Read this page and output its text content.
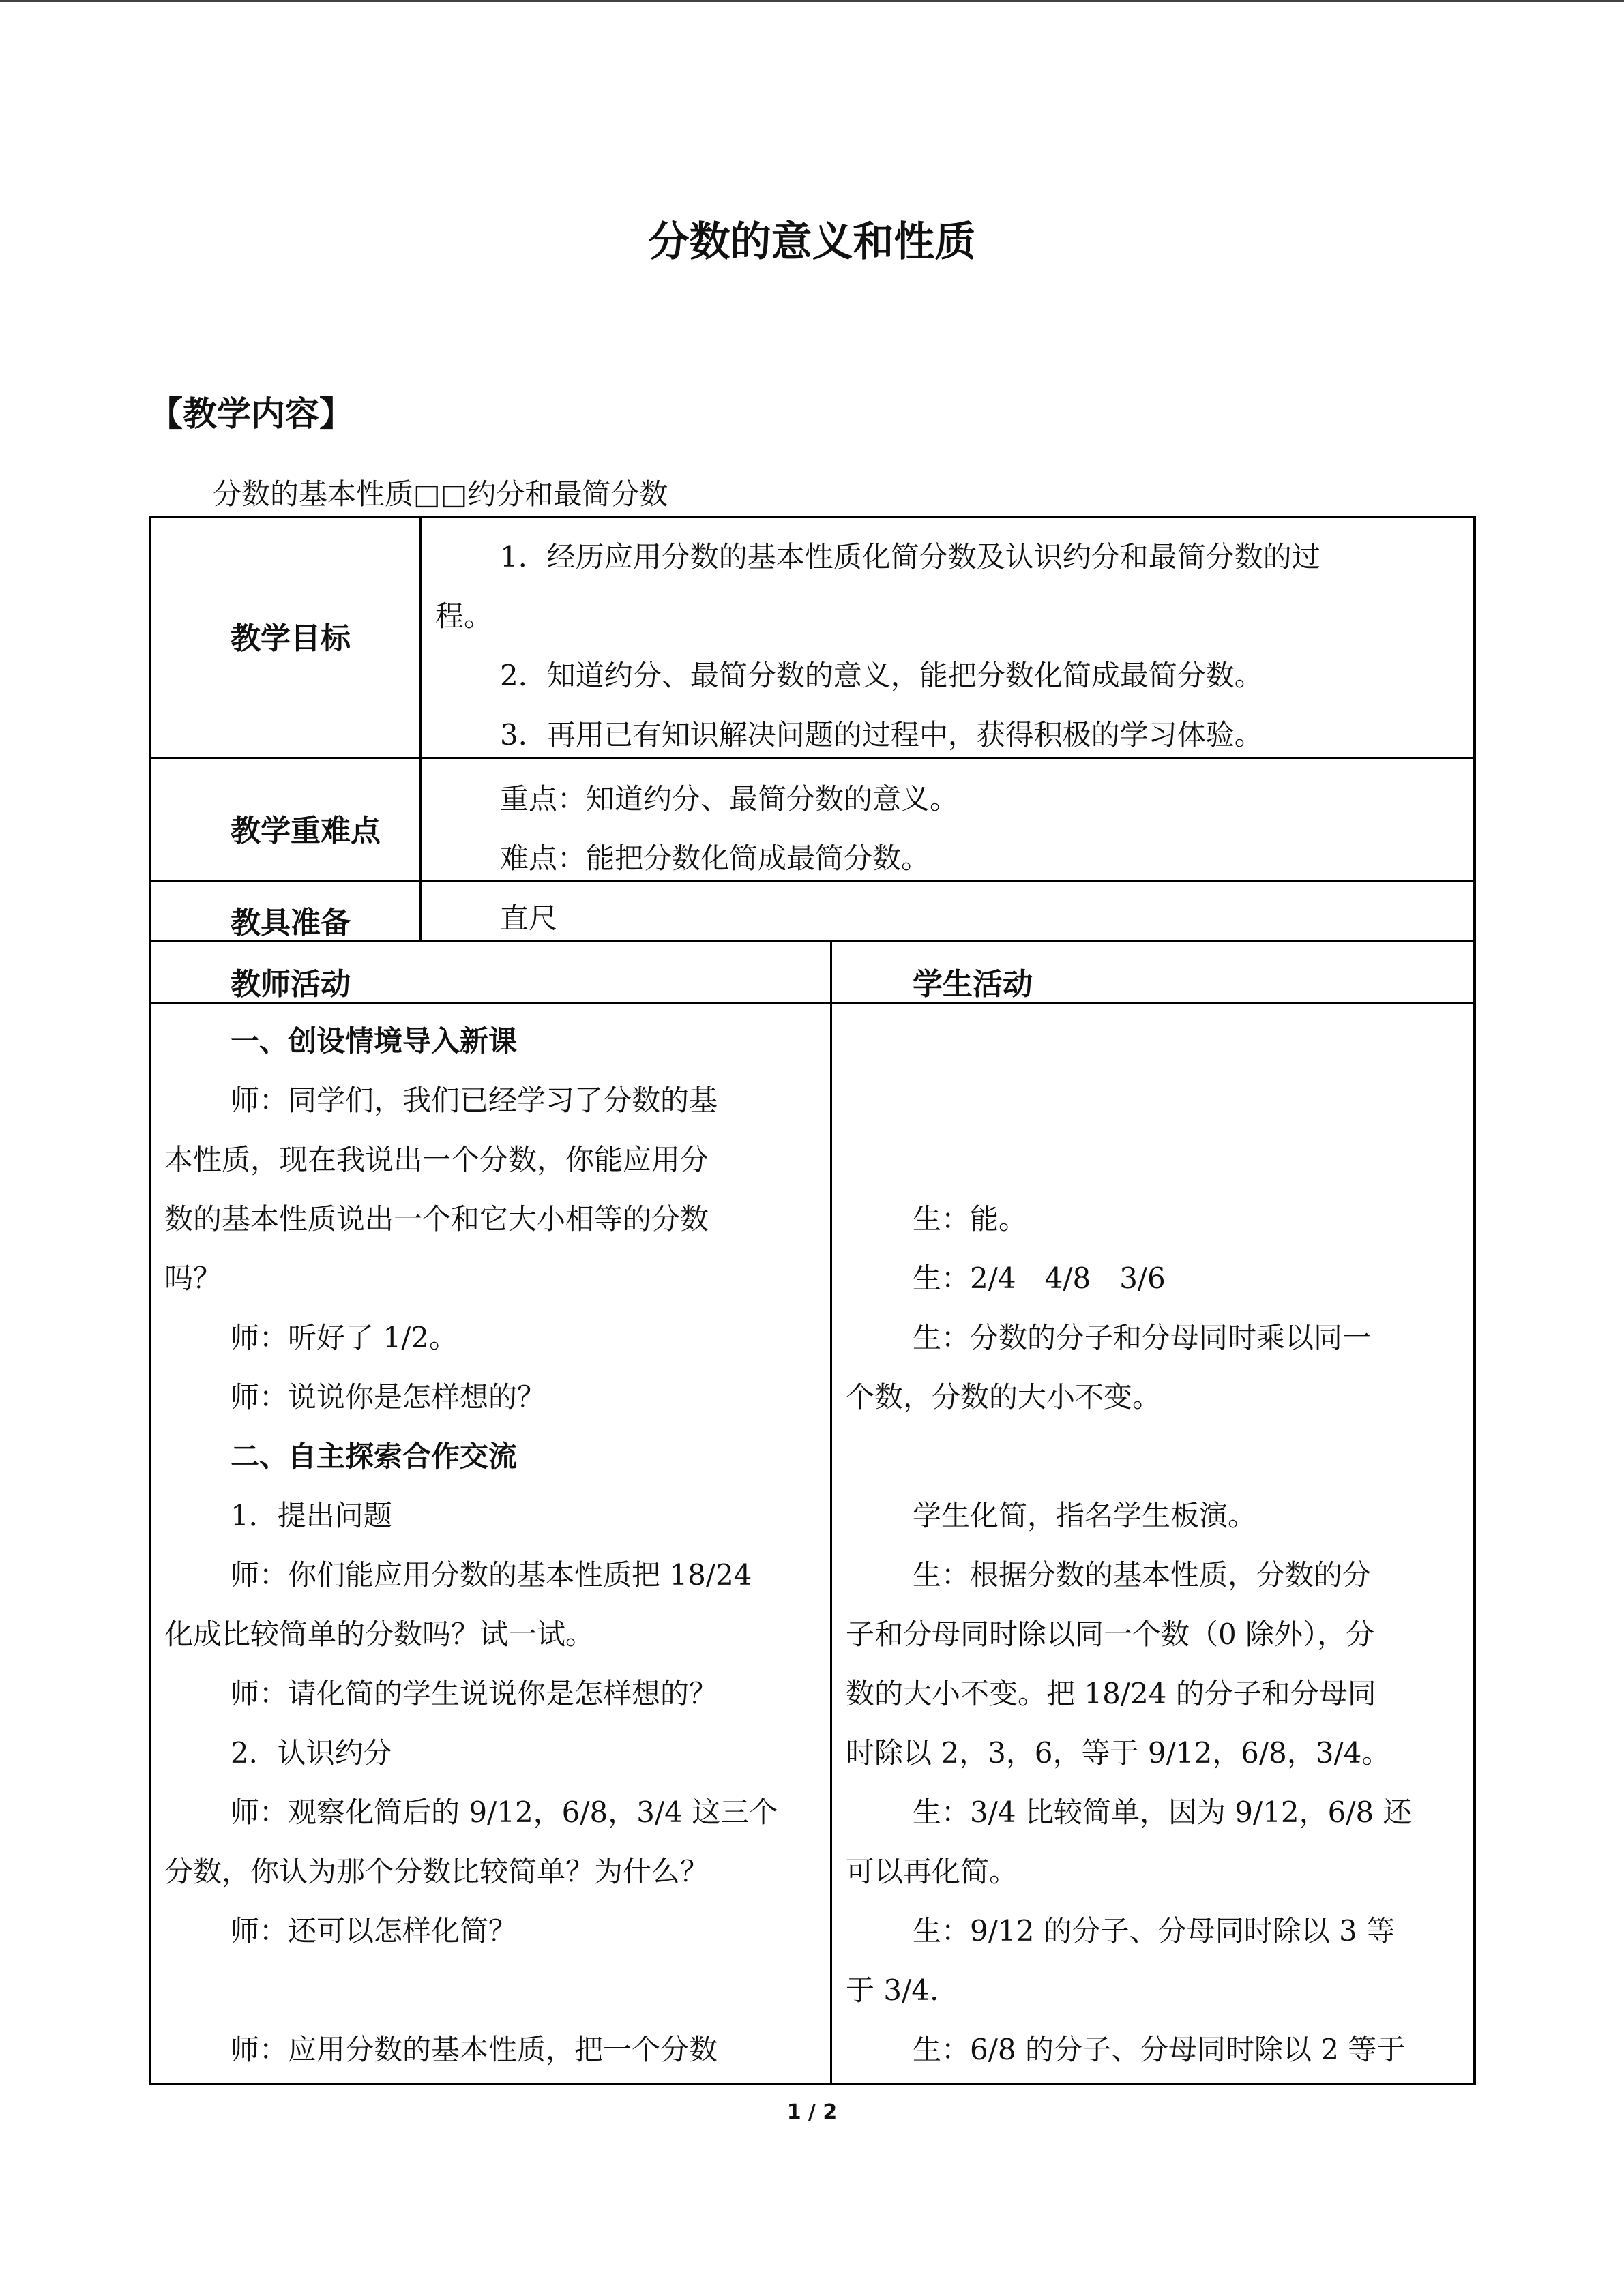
分数的意义和性质
【教学内容】
分数的基本性质□□约分和最简分数
教学目标
教学重难点
教具准备
教师活动	学生活动
1．经历应用分数的基本性质化简分数及认识约分和最简分数的过
程。
2．知道约分、最简分数的意义，能把分数化简成最简分数。
3．再用已有知识解决问题的过程中，获得积极的学习体验。
重点：知道约分、最简分数的意义。
难点：能把分数化简成最简分数。
直尺
一、创设情境导入新课
师：同学们，我们已经学习了分数的基
本性质，现在我说出一个分数，你能应用分
数的基本性质说出一个和它大小相等的分数
吗？
师：听好了 1/2。
师：说说你是怎样想的？
二、自主探索合作交流
1．提出问题
师：你们能应用分数的基本性质把 18/24
化成比较简单的分数吗？试一试。
师：请化简的学生说说你是怎样想的？
2．认识约分
师：观察化简后的 9/12，6/8，3/4 这三个
分数，你认为那个分数比较简单？为什么？
师：还可以怎样化简？
师：应用分数的基本性质，把一个分数
生：能。
生：2/4　4/8　3/6
生：分数的分子和分母同时乘以同一
个数，分数的大小不变。
学生化简，指名学生板演。
生：根据分数的基本性质，分数的分
子和分母同时除以同一个数（0 除外），分
数的大小不变。把 18/24 的分子和分母同
时除以 2，3，6，等于 9/12，6/8，3/4。
生：3/4 比较简单，因为 9/12，6/8 还
可以再化简。
生：9/12 的分子、分母同时除以 3 等
于 3/4.
生：6/8 的分子、分母同时除以 2 等于
1 / 2
